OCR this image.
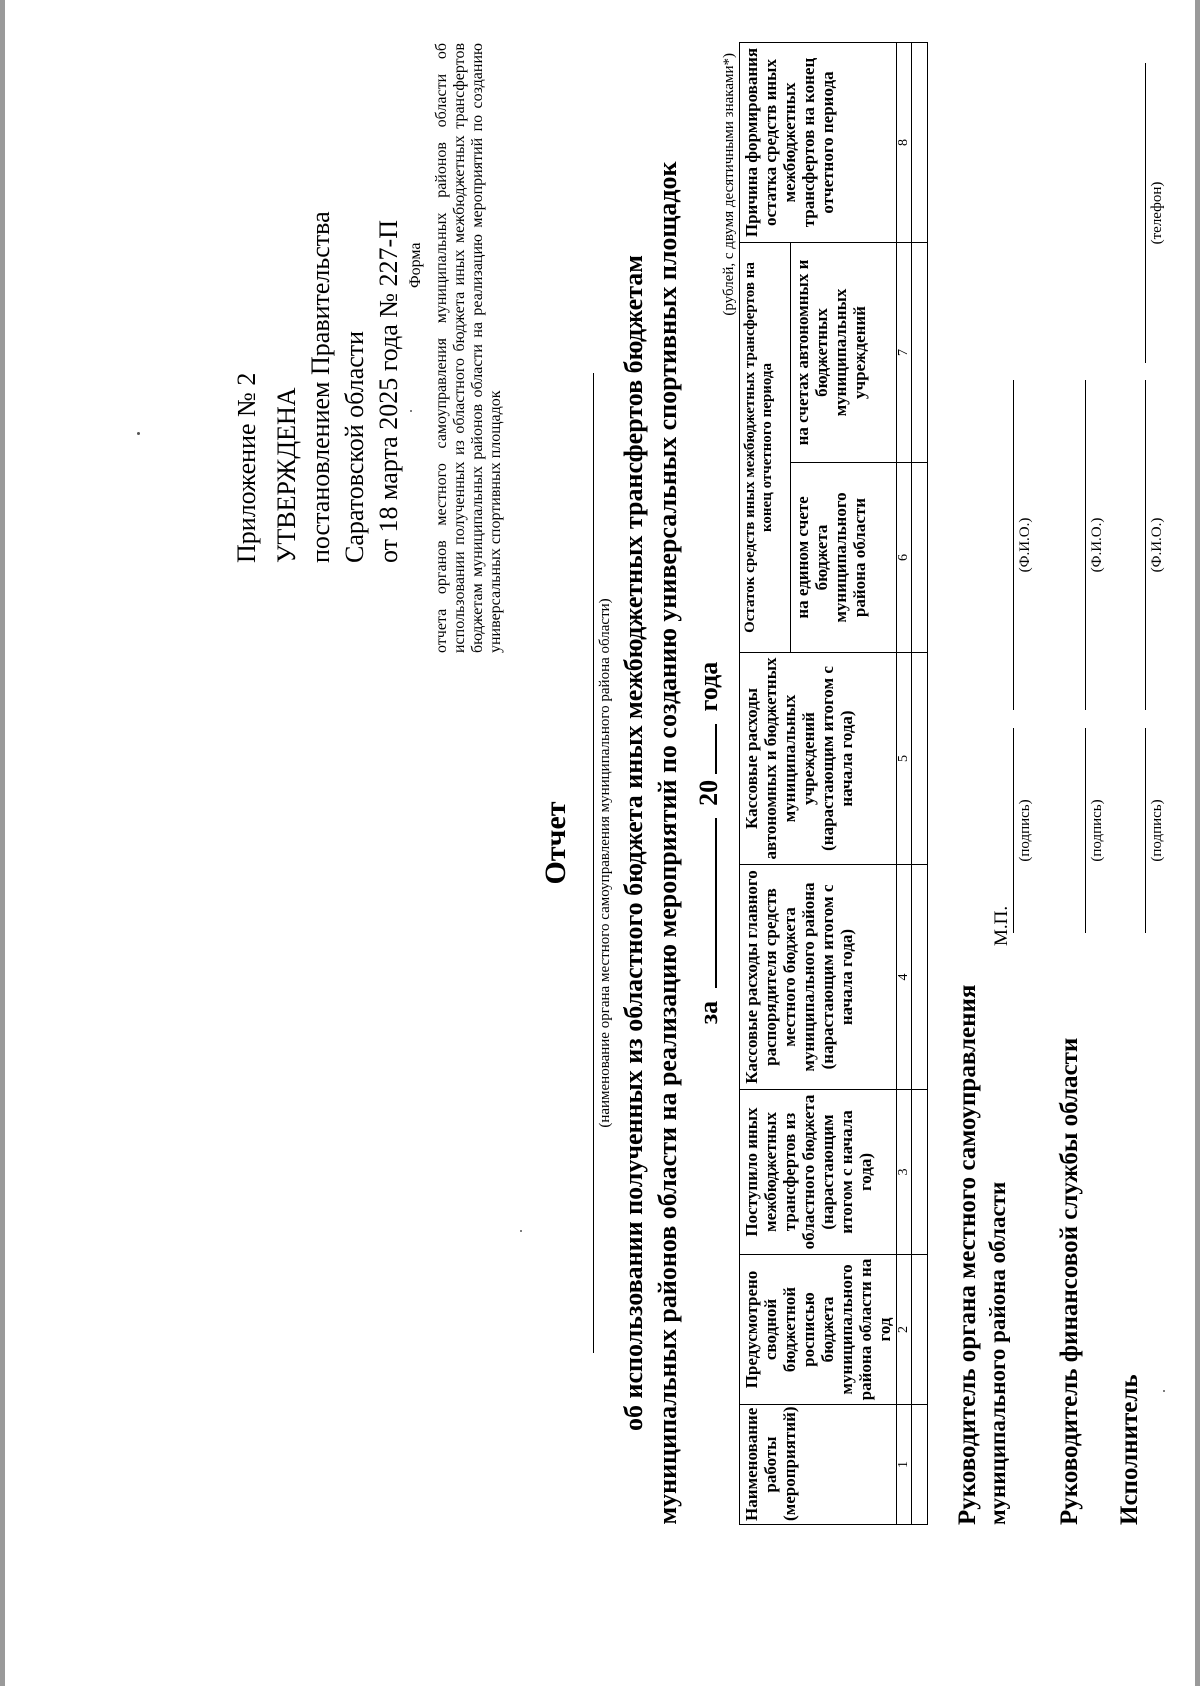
Приложение № 2 УТВЕРЖДЕНА постановлением Правительства Саратовской области от 18 марта 2025 года № 227-П Форма отчета органов местного самоуправления муниципальных районов области об использовании полученных из областного бюджета иных межбюджетных трансфертов бюджетам муниципальных районов области на реализацию мероприятий по созданию универсальных спортивных площадок
Отчет (наименование органа местного самоуправления муниципального района области) об использовании полученных из областного бюджета иных межбюджетных трансфертов бюджетам муниципальных районов области на реализацию мероприятий по созданию универсальных спортивных площадок за  20 года
(рублей, с двумя десятичными знаками*)
Наименование работы (мероприятий)	Предусмотрено сводной бюджетной росписью бюджета муниципального района области на год	Поступило иных межбюджетных трансфертов из областного бюджета (нарастающим итогом с начала года)	Кассовые расходы главного распорядителя средств местного бюджета муниципального района (нарастающим итогом с начала года)	Кассовые расходы автономных и бюджетных муниципальных учреждений (нарастающим итогом с начала года)	Остаток средств иных межбюджетных трансфертов на конец отчетного периода		Причина формирования остатка средств иных межбюджетных трансфертов на конец отчетного периода
					на едином счете бюджета муниципального района области	на счетах автономных и бюджетных муниципальных учреждений	
1	2	3	4	5	6	7	8

Руководитель органа местного самоуправления муниципального района области
М.П.
(подпись)
(Ф.И.О.)
Руководитель финансовой службы области
(подпись)
(Ф.И.О.)
Исполнитель
(подпись)
(Ф.И.О.)
(телефон)
